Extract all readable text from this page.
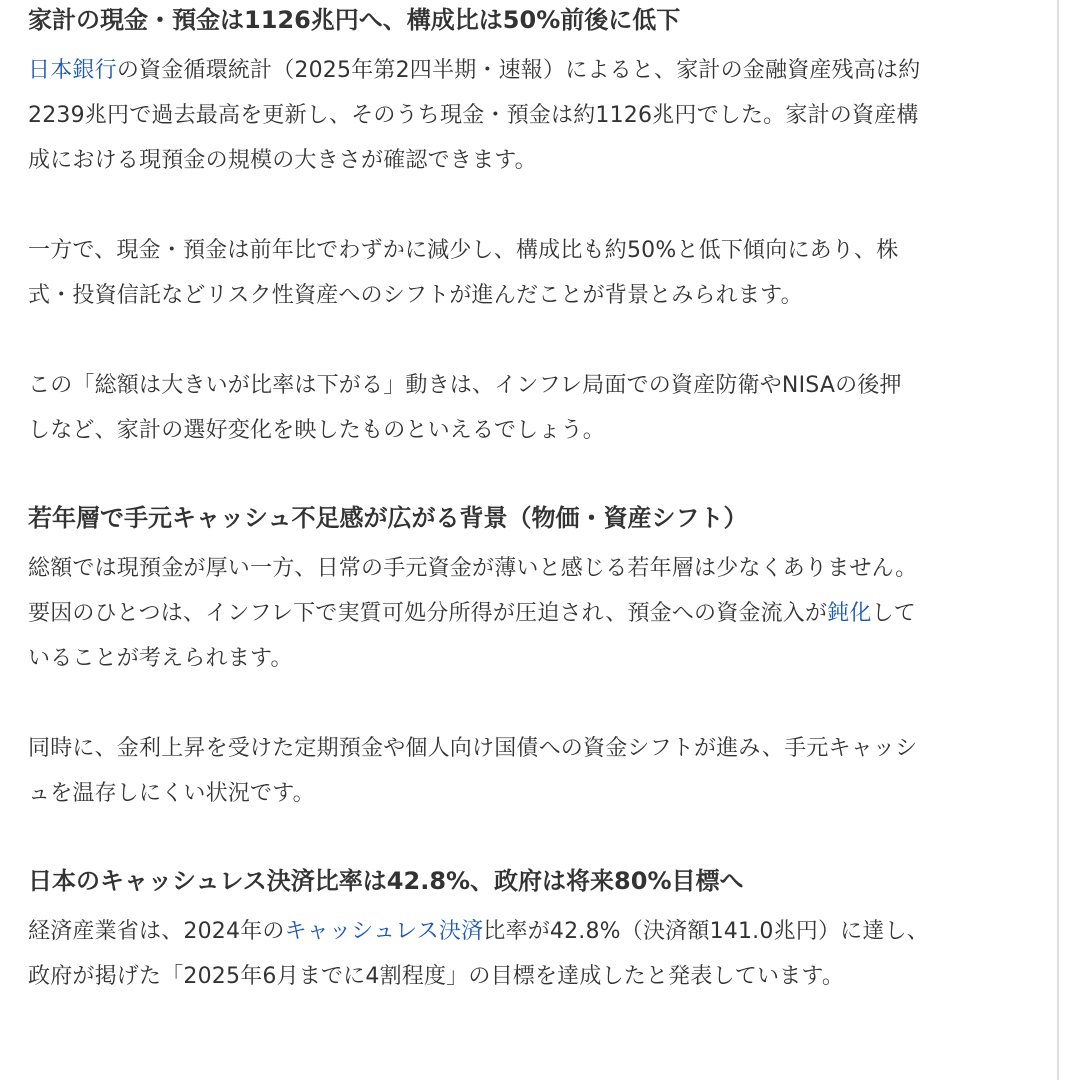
家計の現金・預金は1126兆円へ、構成比は50%前後に低下

日本銀行の資金循環統計（2025年第2四半期・速報）によると、家計の金融資産残高は約
2239兆円で過去最高を更新し、そのうち現金・預金は約1126兆円でした。家計の資産構
成における現預金の規模の大きさが確認できます。

一方で、現金・預金は前年比でわずかに減少し、構成比も約50%と低下傾向にあり、株
式・投資信託などリスク性資産へのシフトが進んだことが背景とみられます。

この「総額は大きいが比率は下がる」動きは、インフレ局面での資産防衛やNISAの後押
しなど、家計の選好変化を映したものといえるでしょう。

若年層で手元キャッシュ不足感が広がる背景（物価・資産シフト）

総額では現預金が厚い一方、日常の手元資金が薄いと感じる若年層は少なくありません。
要因のひとつは、インフレ下で実質可処分所得が圧迫され、預金への資金流入が鈍化して
いることが考えられます。

同時に、金利上昇を受けた定期預金や個人向け国債への資金シフトが進み、手元キャッシ
ュを温存しにくい状況です。

日本のキャッシュレス決済比率は42.8%、政府は将来80%目標へ

経済産業省は、2024年のキャッシュレス決済比率が42.8%（決済額141.0兆円）に達し、
政府が掲げた「2025年6月までに4割程度」の目標を達成したと発表しています。
